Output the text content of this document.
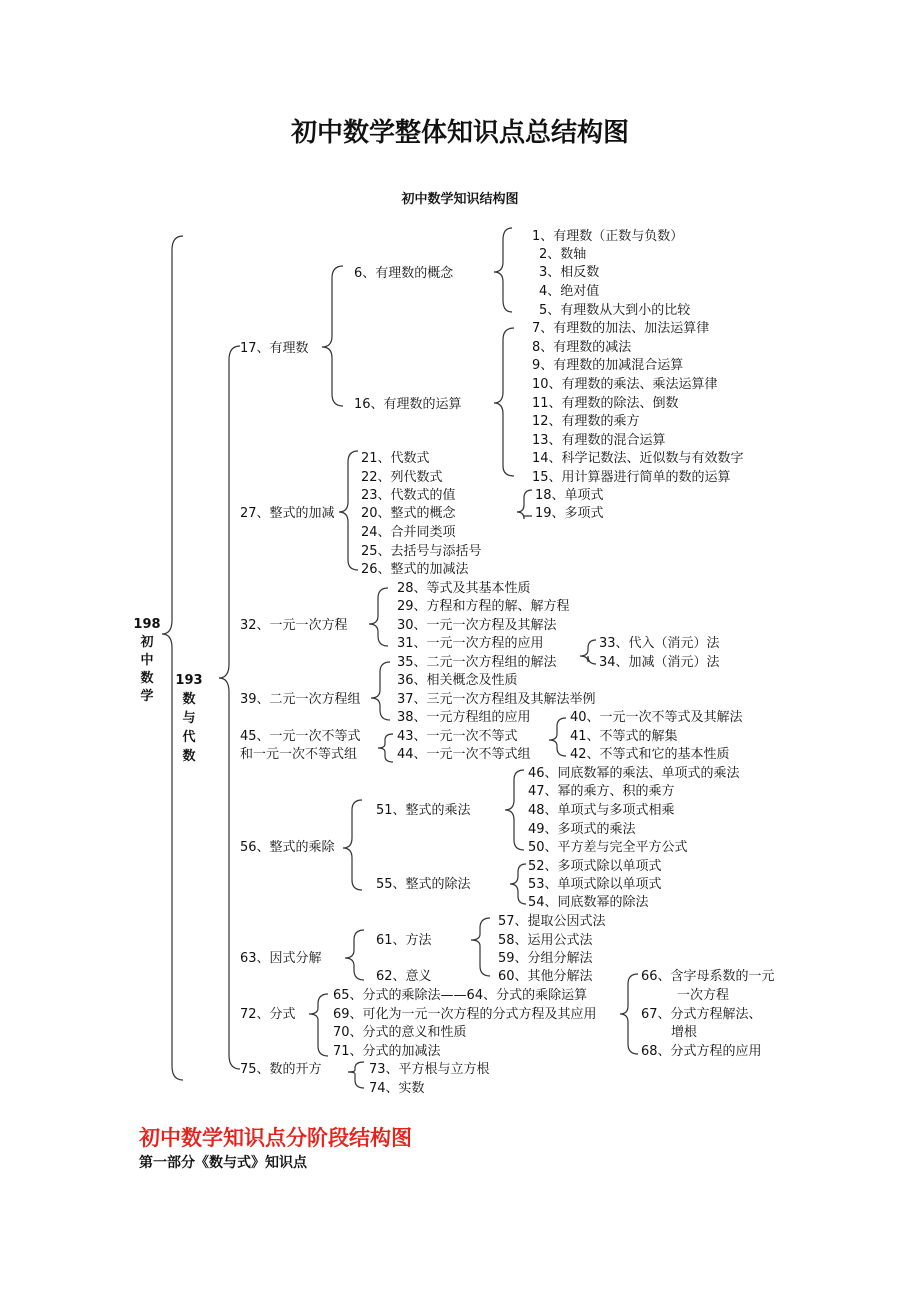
初中数学整体知识点总结构图
初中数学知识结构图
198
初
中
数
学
193
数
与
代
数
17、有理数
6、有理数的概念
1、有理数（正数与负数）
2、数轴
3、相反数
4、绝对值
5、有理数从大到小的比较
16、有理数的运算
7、有理数的加法、加法运算律
8、有理数的减法
9、有理数的加减混合运算
10、有理数的乘法、乘法运算律
11、有理数的除法、倒数
12、有理数的乘方
13、有理数的混合运算
14、科学记数法、近似数与有效数字
15、用计算器进行简单的数的运算
27、整式的加减
21、代数式
22、列代数式
23、代数式的值
20、整式的概念
24、合并同类项
25、去括号与添括号
26、整式的加减法
18、单项式
19、多项式
32、一元一次方程
28、等式及其基本性质
29、方程和方程的解、解方程
30、一元一次方程及其解法
31、一元一次方程的应用	33、代入（消元）法
34、加减（消元）法
39、二元一次方程组
35、二元一次方程组的解法
36、相关概念及性质
37、三元一次方程组及其解法举例
38、一元方程组的应用
45、一元一次不等式
和一元一次不等式组
43、一元一次不等式
44、一元一次不等式组
40、一元一次不等式及其解法
41、不等式的解集
42、不等式和它的基本性质
56、整式的乘除
51、整式的乘法
46、同底数幂的乘法、单项式的乘法
47、幂的乘方、积的乘方
48、单项式与多项式相乘
49、多项式的乘法
50、平方差与完全平方公式
55、整式的除法
52、多项式除以单项式
53、单项式除以单项式
54、同底数幂的除法
63、因式分解
61、方法
62、意义
57、提取公因式法
58、运用公式法
59、分组分解法
60、其他分解法
72、分式
65、分式的乘除法——64、分式的乘除运算
69、可化为一元一次方程的分式方程及其应用
70、分式的意义和性质
71、分式的加减法
66、含字母系数的一元
一次方程
67、分式方程解法、
增根
68、分式方程的应用
75、数的开方	73、平方根与立方根
74、实数
初中数学知识点分阶段结构图

第一部分《数与式》知识点
